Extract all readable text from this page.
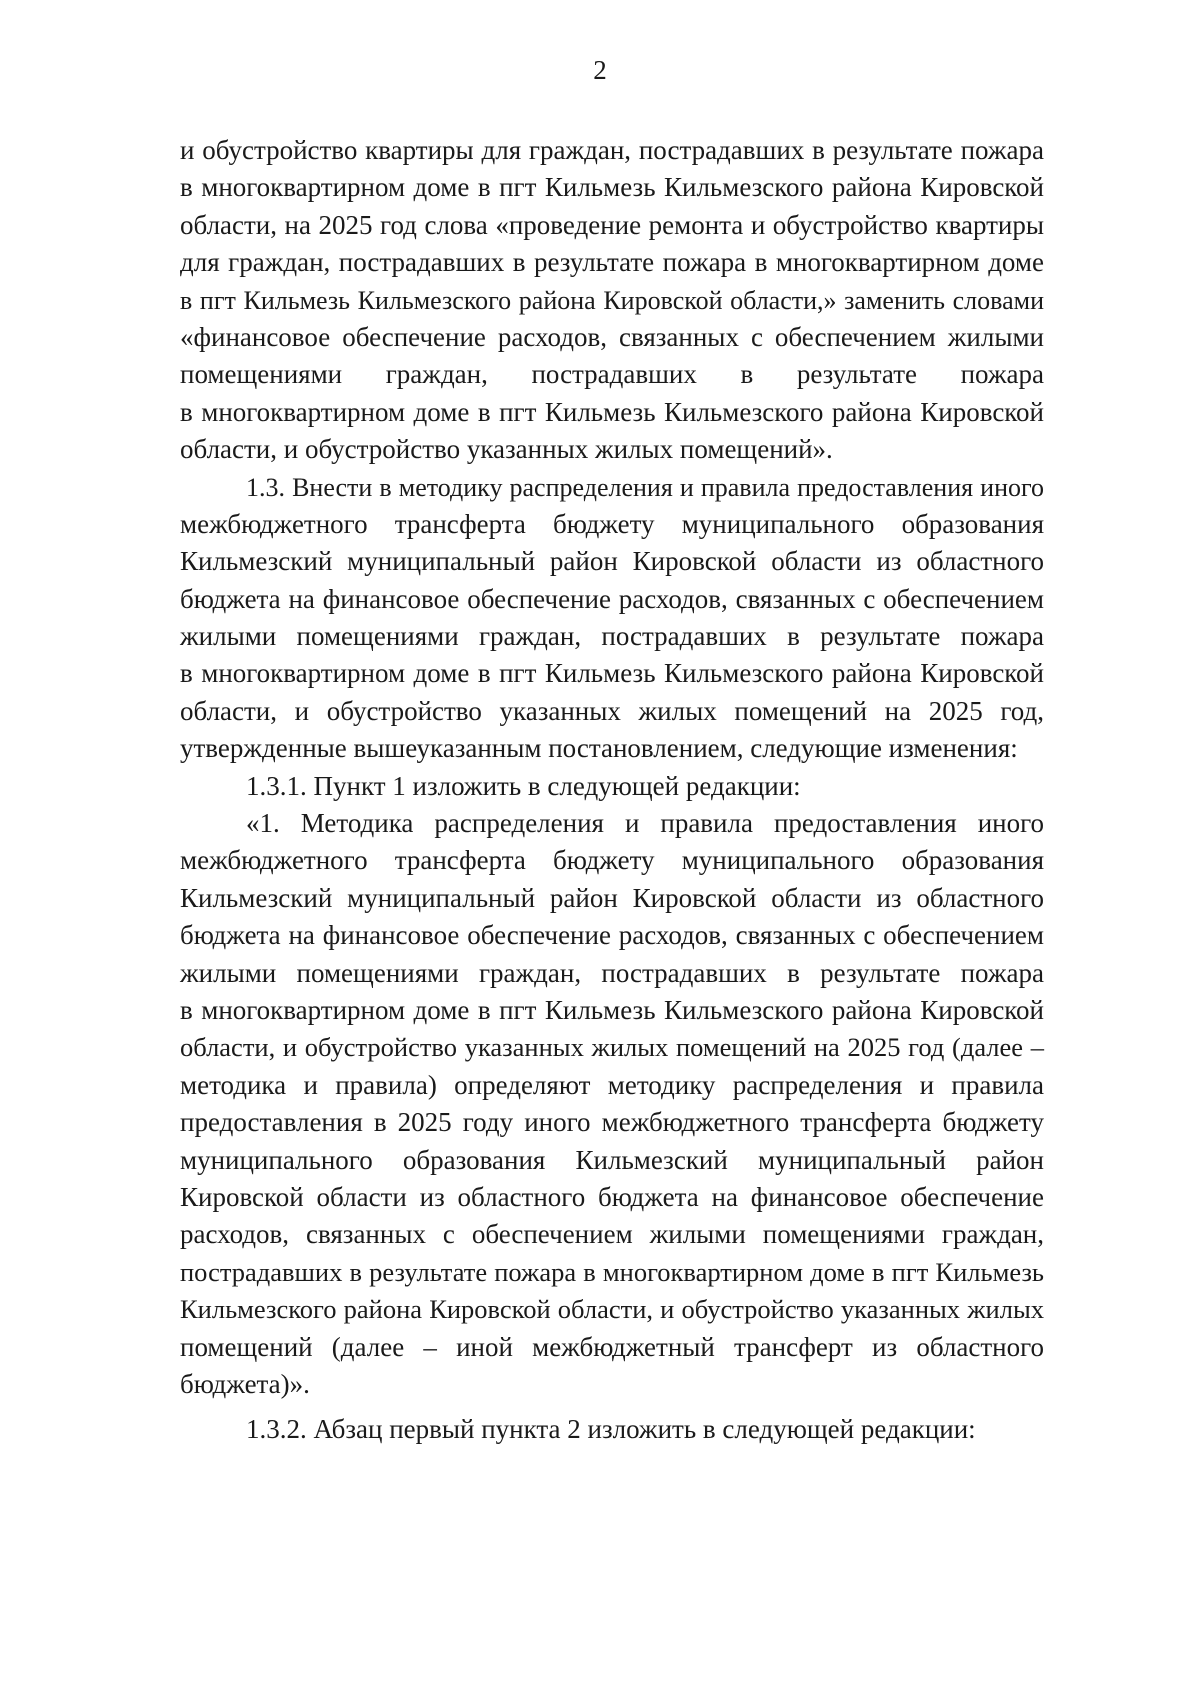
2
и обустройство квартиры для граждан, пострадавших в результате пожара
в многоквартирном доме в пгт Кильмезь Кильмезского района Кировской
области, на 2025 год слова «проведение ремонта и обустройство квартиры
для граждан, пострадавших в результате пожара в многоквартирном доме
в пгт Кильмезь Кильмезского района Кировской области,» заменить словами
«финансовое обеспечение расходов, связанных с обеспечением жилыми
помещениями граждан, пострадавших в результате пожара
в многоквартирном доме в пгт Кильмезь Кильмезского района Кировской
области, и обустройство указанных жилых помещений».
1.3. Внести в методику распределения и правила предоставления иного
межбюджетного трансферта бюджету муниципального образования
Кильмезский муниципальный район Кировской области из областного
бюджета на финансовое обеспечение расходов, связанных с обеспечением
жилыми помещениями граждан, пострадавших в результате пожара
в многоквартирном доме в пгт Кильмезь Кильмезского района Кировской
области, и обустройство указанных жилых помещений на 2025 год,
утвержденные вышеуказанным постановлением, следующие изменения:
1.3.1. Пункт 1 изложить в следующей редакции:
«1. Методика распределения и правила предоставления иного
межбюджетного трансферта бюджету муниципального образования
Кильмезский муниципальный район Кировской области из областного
бюджета на финансовое обеспечение расходов, связанных с обеспечением
жилыми помещениями граждан, пострадавших в результате пожара
в многоквартирном доме в пгт Кильмезь Кильмезского района Кировской
области, и обустройство указанных жилых помещений на 2025 год (далее –
методика и правила) определяют методику распределения и правила
предоставления в 2025 году иного межбюджетного трансферта бюджету
муниципального образования Кильмезский муниципальный район
Кировской области из областного бюджета на финансовое обеспечение
расходов, связанных с обеспечением жилыми помещениями граждан,
пострадавших в результате пожара в многоквартирном доме в пгт Кильмезь
Кильмезского района Кировской области, и обустройство указанных жилых
помещений (далее – иной межбюджетный трансферт из областного
бюджета)».
1.3.2. Абзац первый пункта 2 изложить в следующей редакции:
